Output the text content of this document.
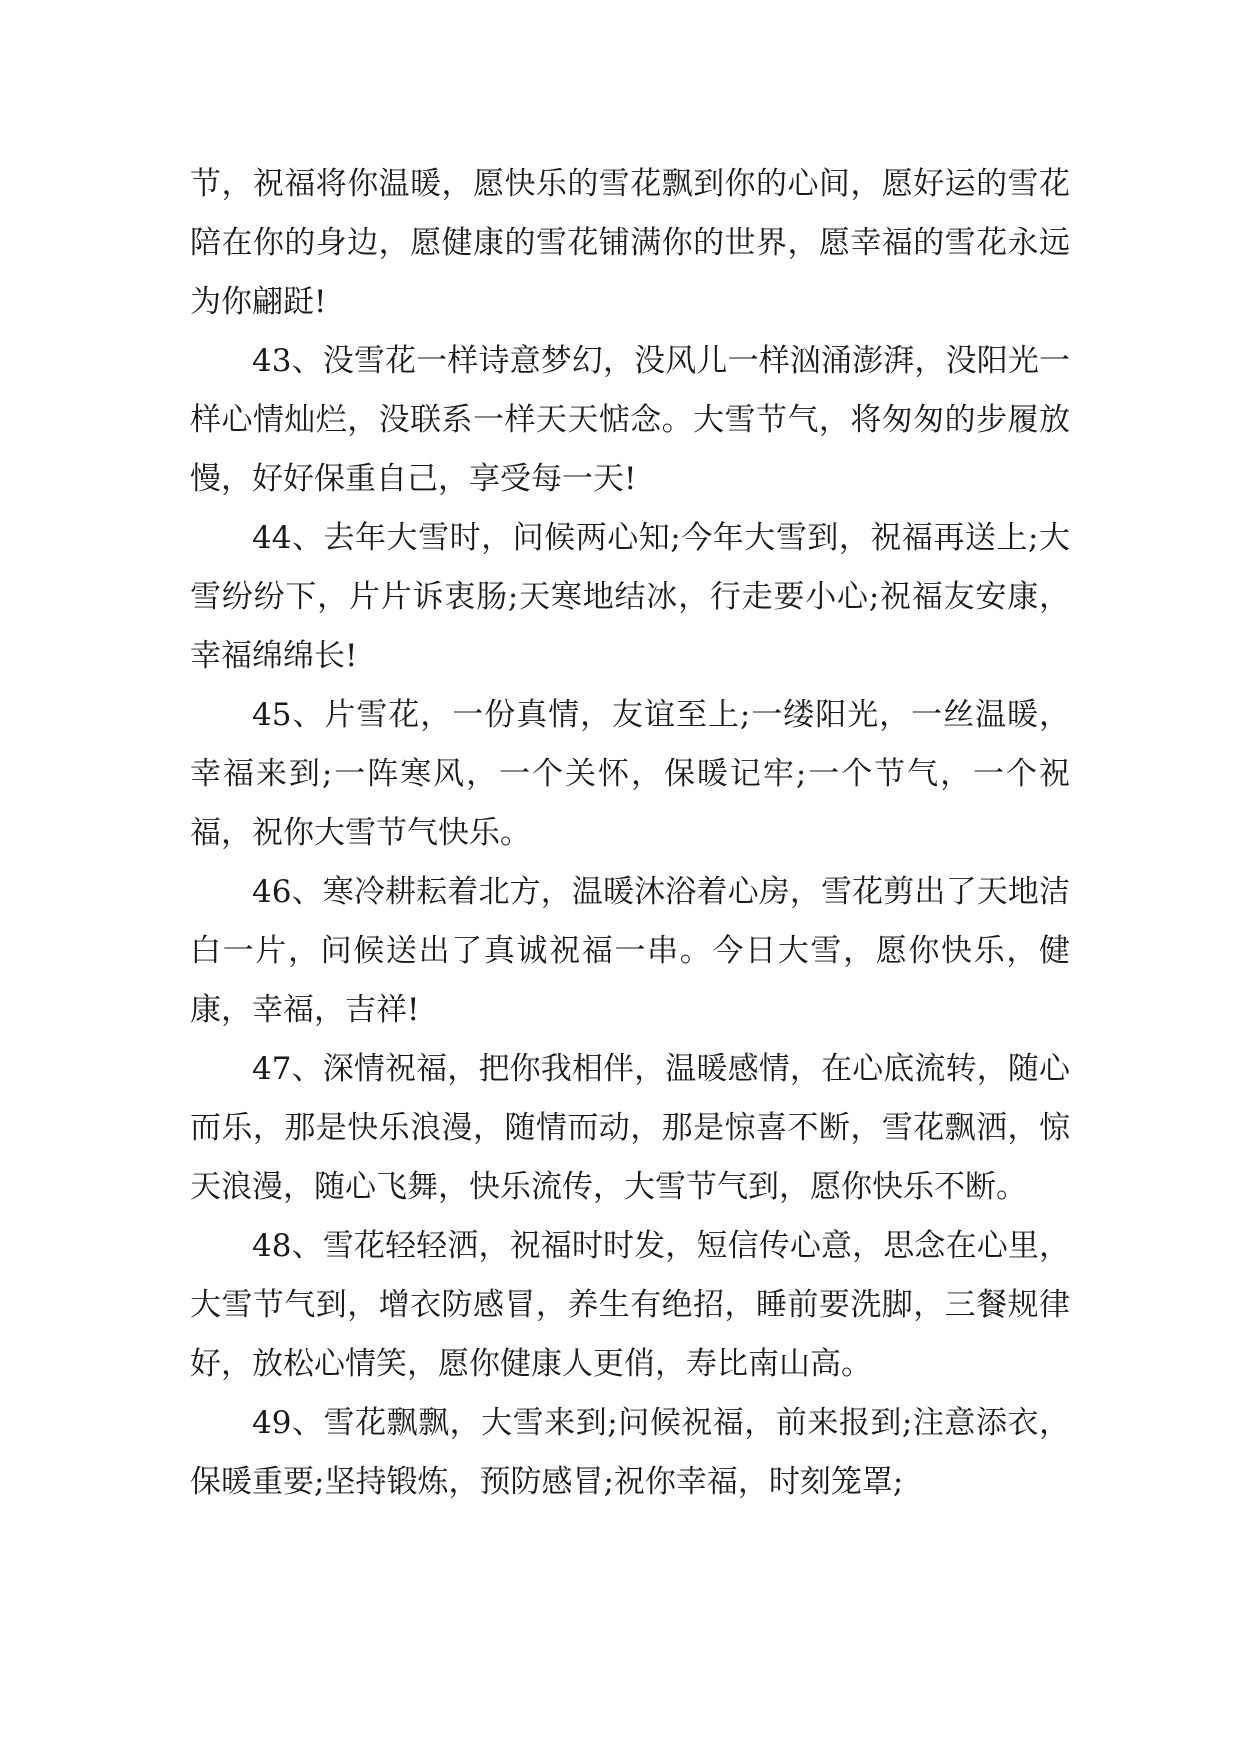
节，祝福将你温暖，愿快乐的雪花飘到你的心间，愿好运的雪花陪在你的身边，愿健康的雪花铺满你的世界，愿幸福的雪花永远为你翩跹!

43、没雪花一样诗意梦幻，没风儿一样汹涌澎湃，没阳光一样心情灿烂，没联系一样天天惦念。大雪节气，将匆匆的步履放慢，好好保重自己，享受每一天!

44、去年大雪时，问候两心知;今年大雪到，祝福再送上;大雪纷纷下，片片诉衷肠;天寒地结冰，行走要小心;祝福友安康，幸福绵绵长!

45、片雪花，一份真情，友谊至上;一缕阳光，一丝温暖，幸福来到;一阵寒风，一个关怀，保暖记牢;一个节气，一个祝福，祝你大雪节气快乐。

46、寒冷耕耘着北方，温暖沐浴着心房，雪花剪出了天地洁白一片，问候送出了真诚祝福一串。今日大雪，愿你快乐，健康，幸福，吉祥!

47、深情祝福，把你我相伴，温暖感情，在心底流转，随心而乐，那是快乐浪漫，随情而动，那是惊喜不断，雪花飘洒，惊天浪漫，随心飞舞，快乐流传，大雪节气到，愿你快乐不断。

48、雪花轻轻洒，祝福时时发，短信传心意，思念在心里，大雪节气到，增衣防感冒，养生有绝招，睡前要洗脚，三餐规律好，放松心情笑，愿你健康人更俏，寿比南山高。

49、雪花飘飘，大雪来到;问候祝福，前来报到;注意添衣，保暖重要;坚持锻炼，预防感冒;祝你幸福，时刻笼罩;
